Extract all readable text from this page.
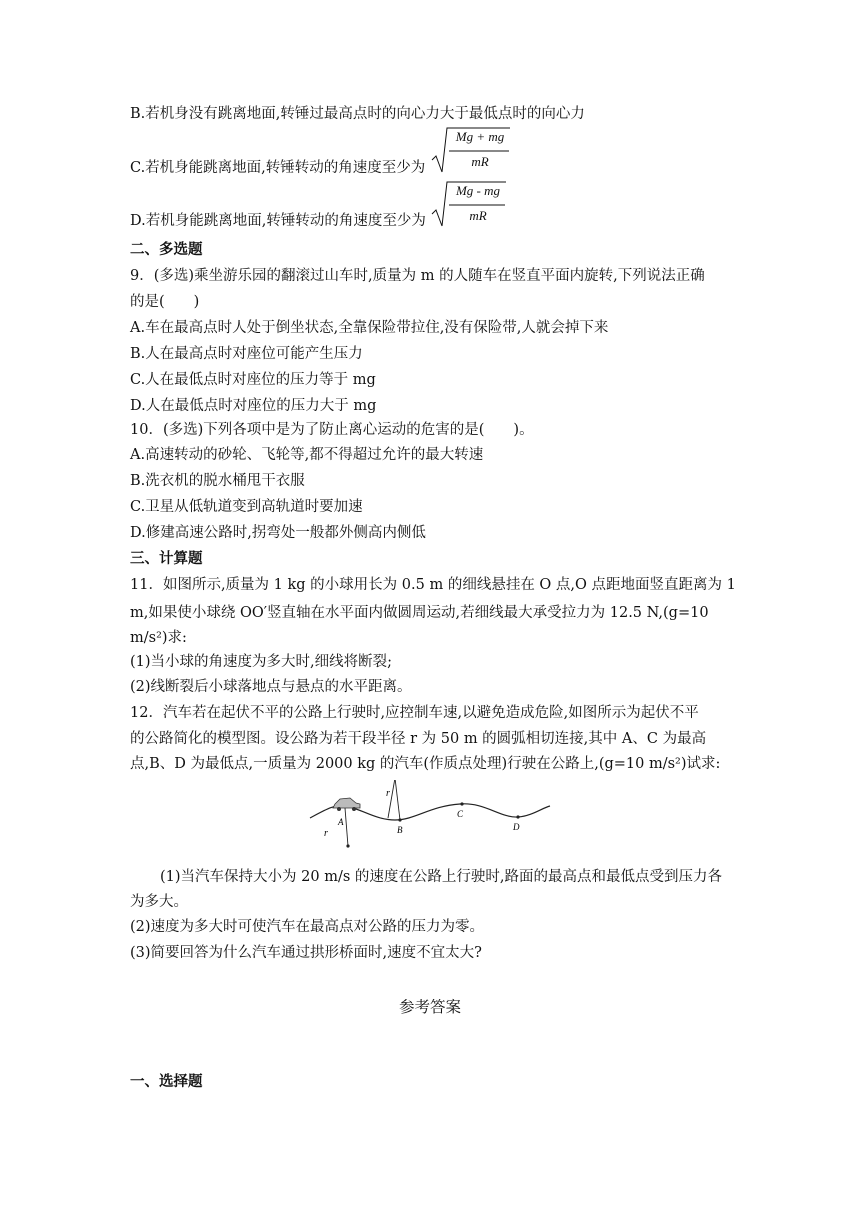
B.若机身没有跳离地面,转锤过最高点时的向心力大于最低点时的向心力
C.若机身能跳离地面,转锤转动的角速度至少为
Mg + mg
mR
D.若机身能跳离地面,转锤转动的角速度至少为
Mg - mg
mR
二、多选题
9．(多选)乘坐游乐园的翻滚过山车时,质量为 m 的人随车在竖直平面内旋转,下列说法正确
的是(　　)
A.车在最高点时人处于倒坐状态,全靠保险带拉住,没有保险带,人就会掉下来
B.人在最高点时对座位可能产生压力
C.人在最低点时对座位的压力等于 mg
D.人在最低点时对座位的压力大于 mg
10．(多选)下列各项中是为了防止离心运动的危害的是(　　)。
A.高速转动的砂轮、飞轮等,都不得超过允许的最大转速
B.洗衣机的脱水桶甩干衣服
C.卫星从低轨道变到高轨道时要加速
D.修建高速公路时,拐弯处一般都外侧高内侧低
三、计算题
11．如图所示,质量为 1 kg 的小球用长为 0.5 m 的细线悬挂在 O 点,O 点距地面竖直距离为 1
m,如果使小球绕 OO′竖直轴在水平面内做圆周运动,若细线最大承受拉力为 12.5 N,(g=10
m/s²)求:
(1)当小球的角速度为多大时,细线将断裂;
(2)线断裂后小球落地点与悬点的水平距离。
12．汽车若在起伏不平的公路上行驶时,应控制车速,以避免造成危险,如图所示为起伏不平
的公路简化的模型图。设公路为若干段半径 r 为 50 m 的圆弧相切连接,其中 A、C 为最高
点,B、D 为最低点,一质量为 2000 kg 的汽车(作质点处理)行驶在公路上,(g=10 m/s²)试求:
r
r
A
B
C
D
(1)当汽车保持大小为 20 m/s 的速度在公路上行驶时,路面的最高点和最低点受到压力各
为多大。
(2)速度为多大时可使汽车在最高点对公路的压力为零。
(3)简要回答为什么汽车通过拱形桥面时,速度不宜太大?
参考答案
一、选择题
